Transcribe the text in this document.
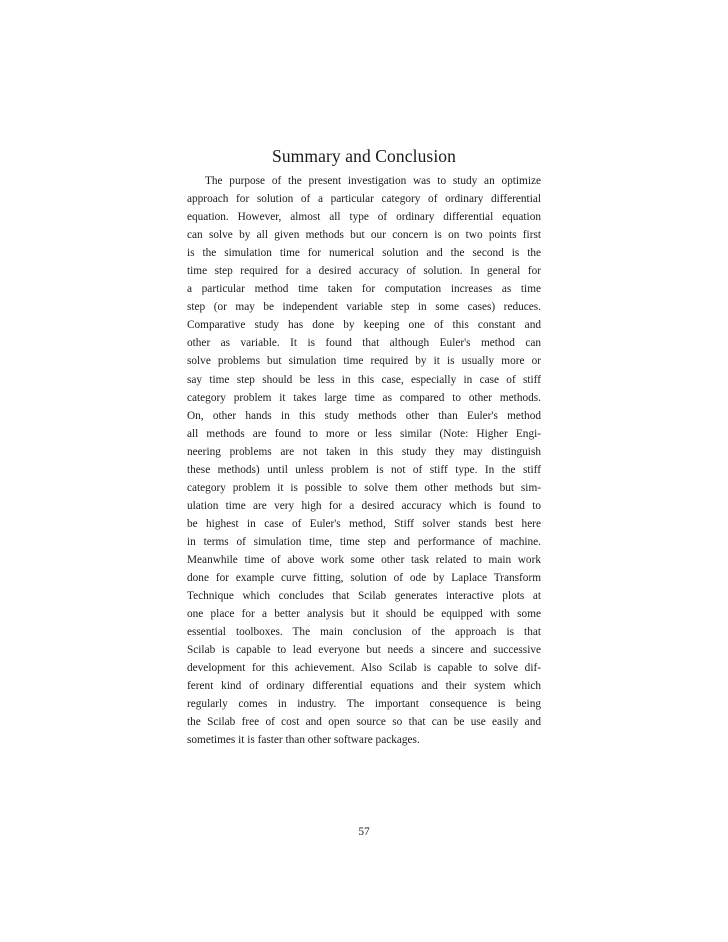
Summary and Conclusion
The purpose of the present investigation was to study an optimize
approach for solution of a particular category of ordinary differential
equation. However, almost all type of ordinary differential equation
can solve by all given methods but our concern is on two points first
is the simulation time for numerical solution and the second is the
time step required for a desired accuracy of solution. In general for
a particular method time taken for computation increases as time
step (or may be independent variable step in some cases) reduces.
Comparative study has done by keeping one of this constant and
other as variable. It is found that although Euler's method can
solve problems but simulation time required by it is usually more or
say time step should be less in this case, especially in case of stiff
category problem it takes large time as compared to other methods.
On, other hands in this study methods other than Euler's method
all methods are found to more or less similar (Note: Higher Engi-
neering problems are not taken in this study they may distinguish
these methods) until unless problem is not of stiff type. In the stiff
category problem it is possible to solve them other methods but sim-
ulation time are very high for a desired accuracy which is found to
be highest in case of Euler's method, Stiff solver stands best here
in terms of simulation time, time step and performance of machine.
Meanwhile time of above work some other task related to main work
done for example curve fitting, solution of ode by Laplace Transform
Technique which concludes that Scilab generates interactive plots at
one place for a better analysis but it should be equipped with some
essential toolboxes. The main conclusion of the approach is that
Scilab is capable to lead everyone but needs a sincere and successive
development for this achievement. Also Scilab is capable to solve dif-
ferent kind of ordinary differential equations and their system which
regularly comes in industry. The important consequence is being
the Scilab free of cost and open source so that can be use easily and
sometimes it is faster than other software packages.
57
